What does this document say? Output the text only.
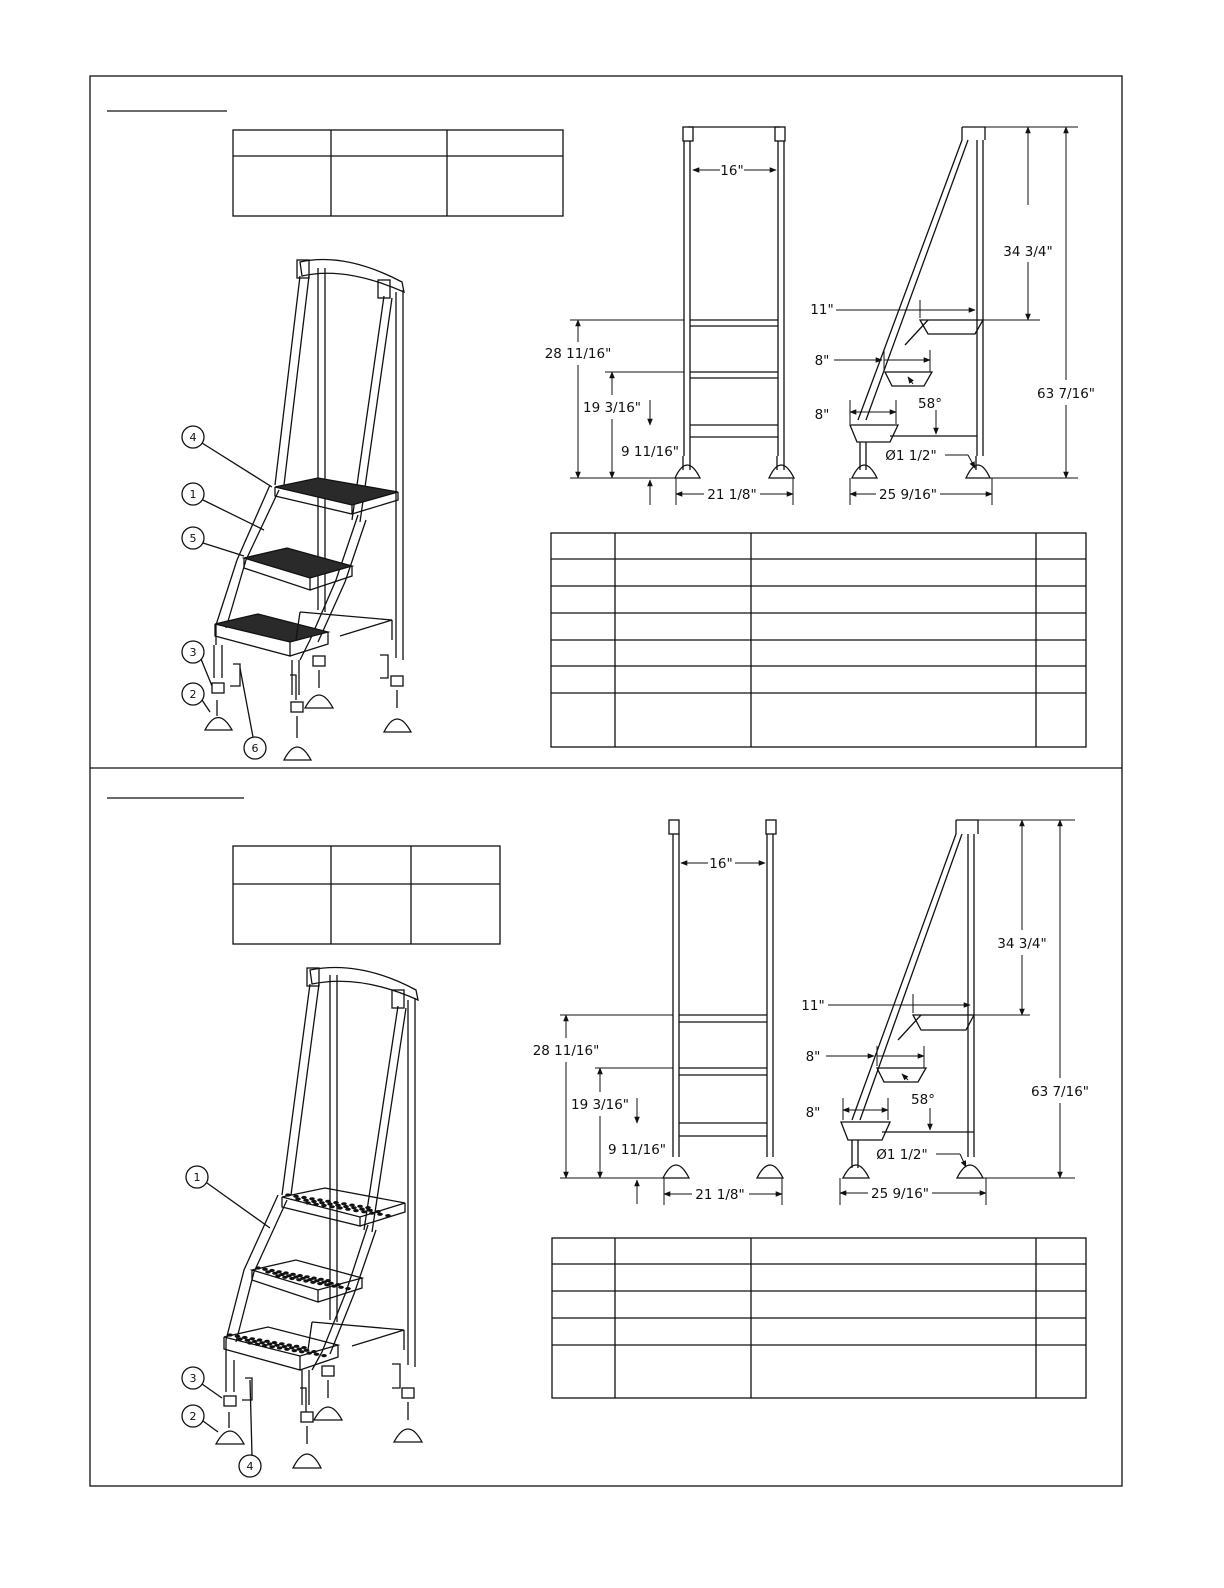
4
1
5
3
2
6
16"
28 11/16"
19 3/16"
9 11/16"
21 1/8"
34 3/4"
63 7/16"
11"
8"
8"
58°
Ø1 1/2"
25 9/16"
1
3
2
4
16"
28 11/16"
19 3/16"
9 11/16"
21 1/8"
34 3/4"
63 7/16"
11"
8"
8"
58°
Ø1 1/2"
25 9/16"
